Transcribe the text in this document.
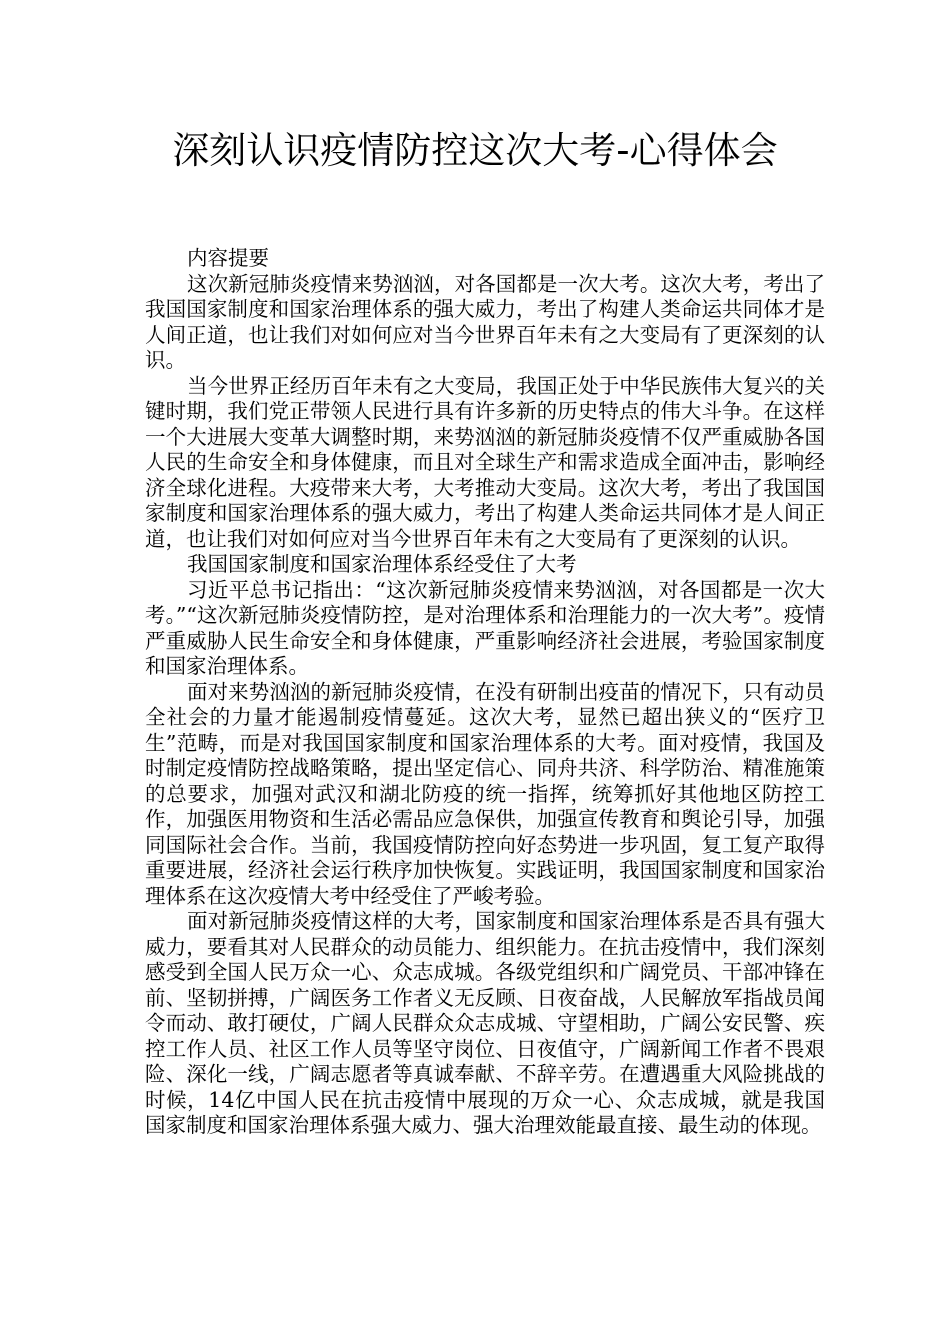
深刻认识疫情防控这次大考-心得体会

内容提要

这次新冠肺炎疫情来势汹汹，对各国都是一次大考。这次大考，考出了我国国家制度和国家治理体系的强大威力，考出了构建人类命运共同体才是人间正道，也让我们对如何应对当今世界百年未有之大变局有了更深刻的认识。

当今世界正经历百年未有之大变局，我国正处于中华民族伟大复兴的关键时期，我们党正带领人民进行具有许多新的历史特点的伟大斗争。在这样一个大进展大变革大调整时期，来势汹汹的新冠肺炎疫情不仅严重威胁各国人民的生命安全和身体健康，而且对全球生产和需求造成全面冲击，影响经济全球化进程。大疫带来大考，大考推动大变局。这次大考，考出了我国国家制度和国家治理体系的强大威力，考出了构建人类命运共同体才是人间正道，也让我们对如何应对当今世界百年未有之大变局有了更深刻的认识。

我国国家制度和国家治理体系经受住了大考

习近平总书记指出：“这次新冠肺炎疫情来势汹汹，对各国都是一次大考。”“这次新冠肺炎疫情防控，是对治理体系和治理能力的一次大考”。疫情严重威胁人民生命安全和身体健康，严重影响经济社会进展，考验国家制度和国家治理体系。

面对来势汹汹的新冠肺炎疫情，在没有研制出疫苗的情况下，只有动员全社会的力量才能遏制疫情蔓延。这次大考，显然已超出狭义的“医疗卫生”范畴，而是对我国国家制度和国家治理体系的大考。面对疫情，我国及时制定疫情防控战略策略，提出坚定信心、同舟共济、科学防治、精准施策的总要求，加强对武汉和湖北防疫的统一指挥，统筹抓好其他地区防控工作，加强医用物资和生活必需品应急保供，加强宣传教育和舆论引导，加强同国际社会合作。当前，我国疫情防控向好态势进一步巩固，复工复产取得重要进展，经济社会运行秩序加快恢复。实践证明，我国国家制度和国家治理体系在这次疫情大考中经受住了严峻考验。

面对新冠肺炎疫情这样的大考，国家制度和国家治理体系是否具有强大威力，要看其对人民群众的动员能力、组织能力。在抗击疫情中，我们深刻感受到全国人民万众一心、众志成城。各级党组织和广阔党员、干部冲锋在前、坚韧拼搏，广阔医务工作者义无反顾、日夜奋战，人民解放军指战员闻令而动、敢打硬仗，广阔人民群众众志成城、守望相助，广阔公安民警、疾控工作人员、社区工作人员等坚守岗位、日夜值守，广阔新闻工作者不畏艰险、深化一线，广阔志愿者等真诚奉献、不辞辛劳。在遭遇重大风险挑战的时候，14亿中国人民在抗击疫情中展现的万众一心、众志成城，就是我国国家制度和国家治理体系强大威力、强大治理效能最直接、最生动的体现。
